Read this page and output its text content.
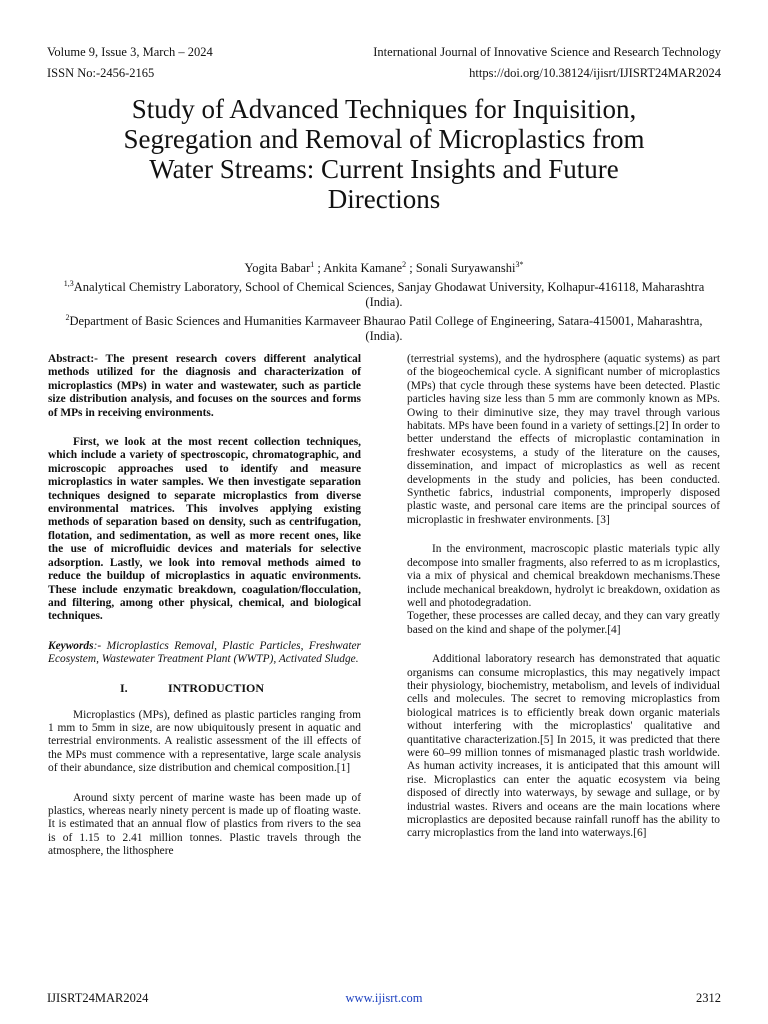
Volume 9, Issue 3, March – 2024	International Journal of Innovative Science and Research Technology
ISSN No:-2456-2165	https://doi.org/10.38124/ijisrt/IJISRT24MAR2024
Study of Advanced Techniques for Inquisition,
Segregation and Removal of Microplastics from
Water Streams: Current Insights and Future
Directions
Yogita Babar$^1$ ; Ankita Kamane$^2$ ; Sonali Suryawanshi$^{3*}$
$^{1,3}$Analytical Chemistry Laboratory, School of Chemical Sciences, Sanjay Ghodawat University, Kolhapur-416118, Maharashtra
(India).
$^2$Department of Basic Sciences and Humanities Karmaveer Bhaurao Patil College of Engineering, Satara-415001, Maharashtra,
(India).

Abstract:- The present research covers different analytical methods utilized for the diagnosis and characterization of microplastics (MPs) in water and wastewater, such as particle size distribution analysis, and focuses on the sources and forms of MPs in receiving environments.

First, we look at the most recent collection techniques, which include a variety of spectroscopic, chromatographic, and microscopic approaches used to identify and measure microplastics in water samples. We then investigate separation techniques designed to separate microplastics from diverse environmental matrices. This involves applying existing methods of separation based on density, such as centrifugation, flotation, and sedimentation, as well as more recent ones, like the use of microfluidic devices and materials for selective adsorption. Lastly, we look into removal methods aimed to reduce the buildup of microplastics in aquatic environments. These include enzymatic breakdown, coagulation/flocculation, and filtering, among other physical, chemical, and biological techniques.

Keywords:- Microplastics Removal, Plastic Particles, Freshwater Ecosystem, Wastewater Treatment Plant (WWTP), Activated Sludge.

I.	INTRODUCTION

Microplastics (MPs), defined as plastic particles ranging from 1 mm to 5mm in size, are now ubiquitously present in aquatic and terrestrial environments. A realistic assessment of the ill effects of the MPs must commence with a representative, large scale analysis of their abundance, size distribution and chemical composition.[1]

Around sixty percent of marine waste has been made up of plastics, whereas nearly ninety percent is made up of floating waste. It is estimated that an annual flow of plastics from rivers to the sea is of 1.15 to 2.41 million tonnes. Plastic travels through the atmosphere, the lithosphere

(terrestrial systems), and the hydrosphere (aquatic systems) as part of the biogeochemical cycle. A significant number of microplastics (MPs) that cycle through these systems have been detected. Plastic particles having size less than 5 mm are commonly known as MPs. Owing to their diminutive size, they may travel through various habitats. MPs have been found in a variety of settings.[2] In order to better understand the effects of microplastic contamination in freshwater ecosystems, a study of the literature on the causes, dissemination, and impact of microplastics as well as recent developments in the study and policies, has been conducted. Synthetic fabrics, industrial components, improperly disposed plastic waste, and personal care items are the principal sources of microplastic in freshwater environments. [3]

In the environment, macroscopic plastic materials typic ally decompose into smaller fragments, also referred to as m icroplastics, via a mix of physical and chemical breakdown mechanisms.These include mechanical breakdown, hydrolyt ic breakdown, oxidation as well and photodegradation.

Together, these processes are called decay, and they can vary greatly based on the kind and shape of the polymer.[4]

Additional laboratory research has demonstrated that aquatic organisms can consume microplastics, this may negatively impact their physiology, biochemistry, metabolism, and levels of individual cells and molecules. The secret to removing microplastics from biological matrices is to efficiently break down organic materials without interfering with the microplastics' qualitative and quantitative characterization.[5] In 2015, it was predicted that there were 60–99 million tonnes of mismanaged plastic trash worldwide. As human activity increases, it is anticipated that this amount will rise. Microplastics can enter the aquatic ecosystem via being disposed of directly into waterways, by sewage and sullage, or by industrial wastes. Rivers and oceans are the main locations where microplastics are deposited because rainfall runoff has the ability to carry microplastics from the land into waterways.[6]

IJISRT24MAR2024	www.ijisrt.com	2312
